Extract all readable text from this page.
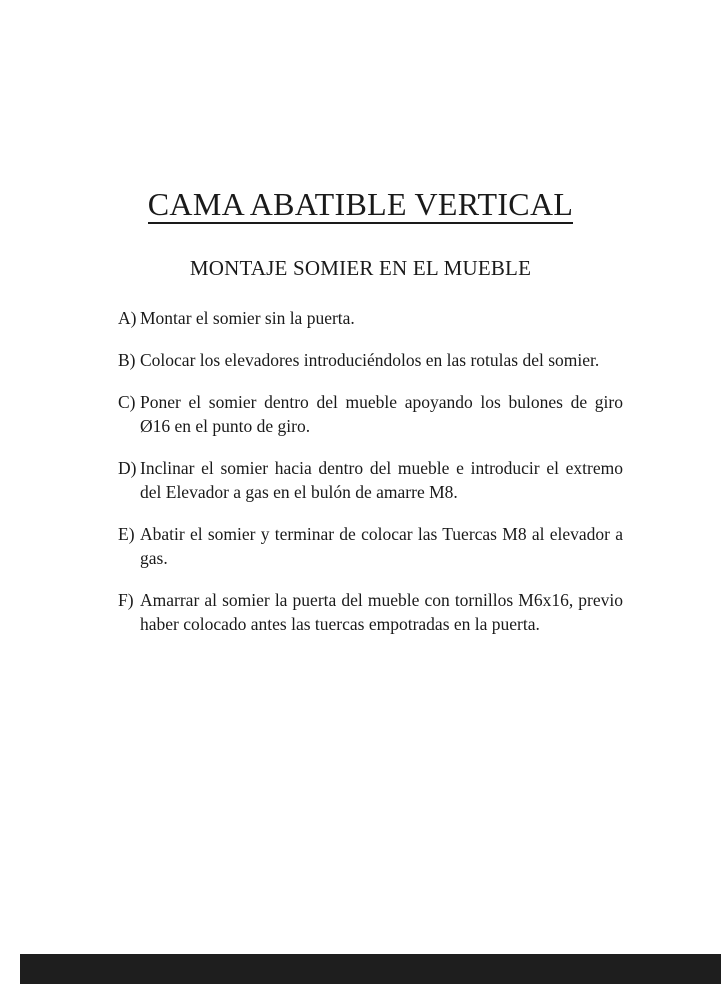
CAMA ABATIBLE VERTICAL
MONTAJE SOMIER EN EL MUEBLE
A) Montar el somier sin la puerta.
B) Colocar los elevadores introduciéndolos en las rotulas del somier.
C) Poner el somier dentro del mueble apoyando los bulones de giro Ø16 en el punto de giro.
D) Inclinar el somier hacia dentro del mueble e introducir el extremo del Elevador a gas en el bulón de amarre M8.
E) Abatir el somier y terminar de colocar las Tuercas M8 al elevador a gas.
F) Amarrar al somier la puerta del mueble con tornillos M6x16, previo haber colocado antes las tuercas empotradas en la puerta.
